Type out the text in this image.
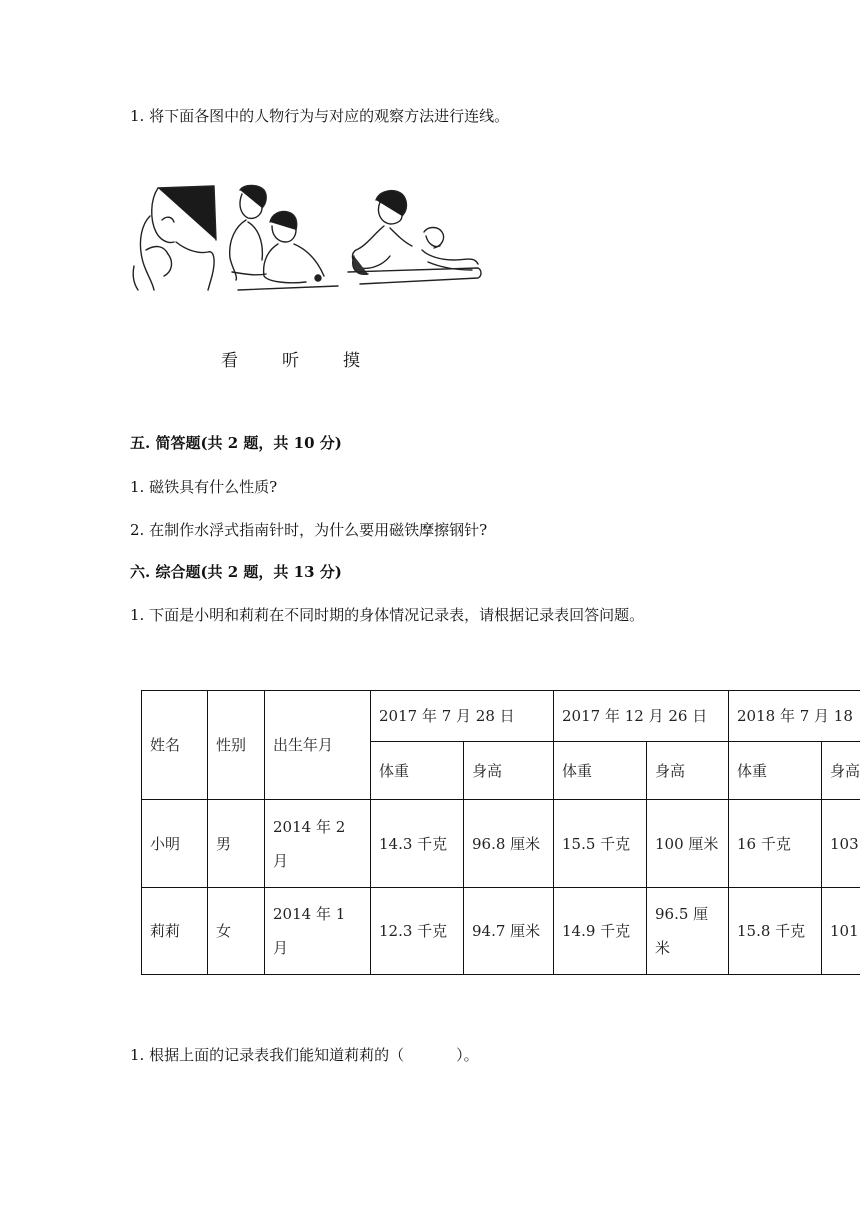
1. 将下面各图中的人物行为与对应的观察方法进行连线。
看	听	摸
五. 简答题(共 2 题，共 10 分)
1. 磁铁具有什么性质?
2. 在制作水浮式指南针时，为什么要用磁铁摩擦钢针?
六. 综合题(共 2 题，共 13 分)
1. 下面是小明和莉莉在不同时期的身体情况记录表，请根据记录表回答问题。
姓名	性别	出生年月	2017 年 7 月 28 日		2017 年 12 月 26 日		2018 年 7 月 18	
			体重	身高	体重	身高	体重	身高
小明	男	2014 年 2 月	14.3 千克	96.8 厘米	15.5 千克	100 厘米	16 千克	103
莉莉	女	2014 年 1 月	12.3 千克	94.7 厘米	14.9 千克	96.5 厘米	15.8 千克	101
1. 根据上面的记录表我们能知道莉莉的（	）。
